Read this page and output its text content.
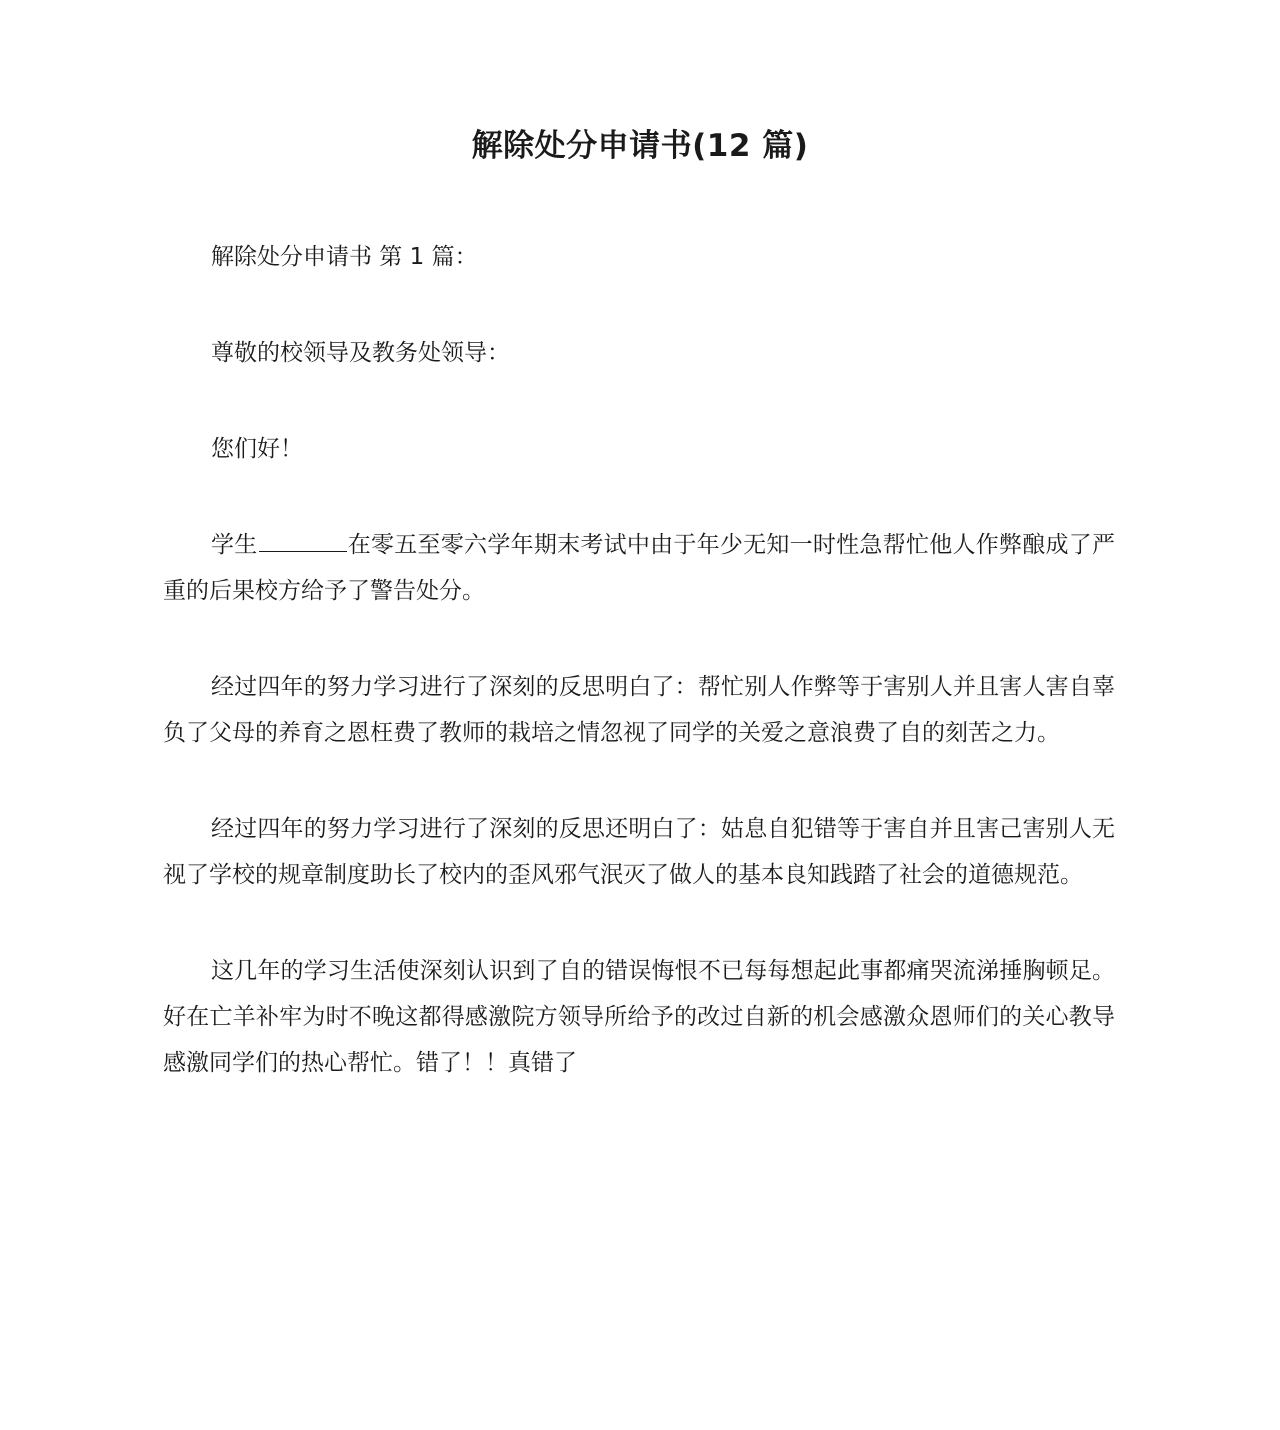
解除处分申请书(12 篇)

解除处分申请书 第 1 篇：

尊敬的校领导及教务处领导：

您们好！

学生	在零五至零六学年期末考试中由于年少无知一时性急帮忙他人作弊酿成了严重的后果校方给予了警告处分。

经过四年的努力学习进行了深刻的反思明白了：帮忙别人作弊等于害别人并且害人害自辜负了父母的养育之恩枉费了教师的栽培之情忽视了同学的关爱之意浪费了自的刻苦之力。

经过四年的努力学习进行了深刻的反思还明白了：姑息自犯错等于害自并且害己害别人无视了学校的规章制度助长了校内的歪风邪气泯灭了做人的基本良知践踏了社会的道德规范。

这几年的学习生活使深刻认识到了自的错误悔恨不已每每想起此事都痛哭流涕捶胸顿足。好在亡羊补牢为时不晚这都得感激院方领导所给予的改过自新的机会感激众恩师们的关心教导感激同学们的热心帮忙。错了！！真错了
